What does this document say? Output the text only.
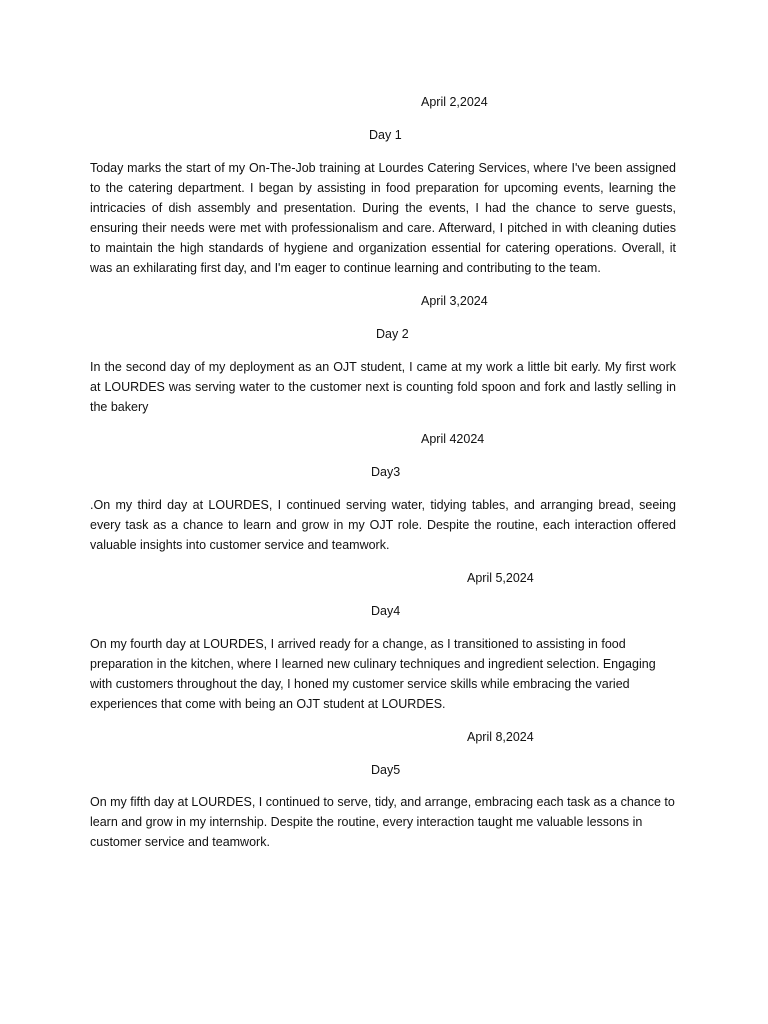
April 2,2024
Day 1
Today marks the start of my On-The-Job training at Lourdes Catering Services, where I've been assigned to the catering department. I began by assisting in food preparation for upcoming events, learning the intricacies of dish assembly and presentation. During the events, I had the chance to serve guests, ensuring their needs were met with professionalism and care. Afterward, I pitched in with cleaning duties to maintain the high standards of hygiene and organization essential for catering operations. Overall, it was an exhilarating first day, and I'm eager to continue learning and contributing to the team.
April 3,2024
Day 2
In the second day of my deployment as an OJT student, I came at my work a little bit early. My first work at LOURDES was serving water to the customer next is counting fold spoon and fork and lastly selling in the bakery
April 42024
Day3
.On my third day at LOURDES, I continued serving water, tidying tables, and arranging bread, seeing every task as a chance to learn and grow in my OJT role. Despite the routine, each interaction offered valuable insights into customer service and teamwork.
April 5,2024
Day4
On my fourth day at LOURDES, I arrived ready for a change, as I transitioned to assisting in food preparation in the kitchen, where I learned new culinary techniques and ingredient selection. Engaging with customers throughout the day, I honed my customer service skills while embracing the varied experiences that come with being an OJT student at LOURDES.
April 8,2024
Day5
On my fifth day at LOURDES, I continued to serve, tidy, and arrange, embracing each task as a chance to learn and grow in my internship. Despite the routine, every interaction taught me valuable lessons in customer service and teamwork.
